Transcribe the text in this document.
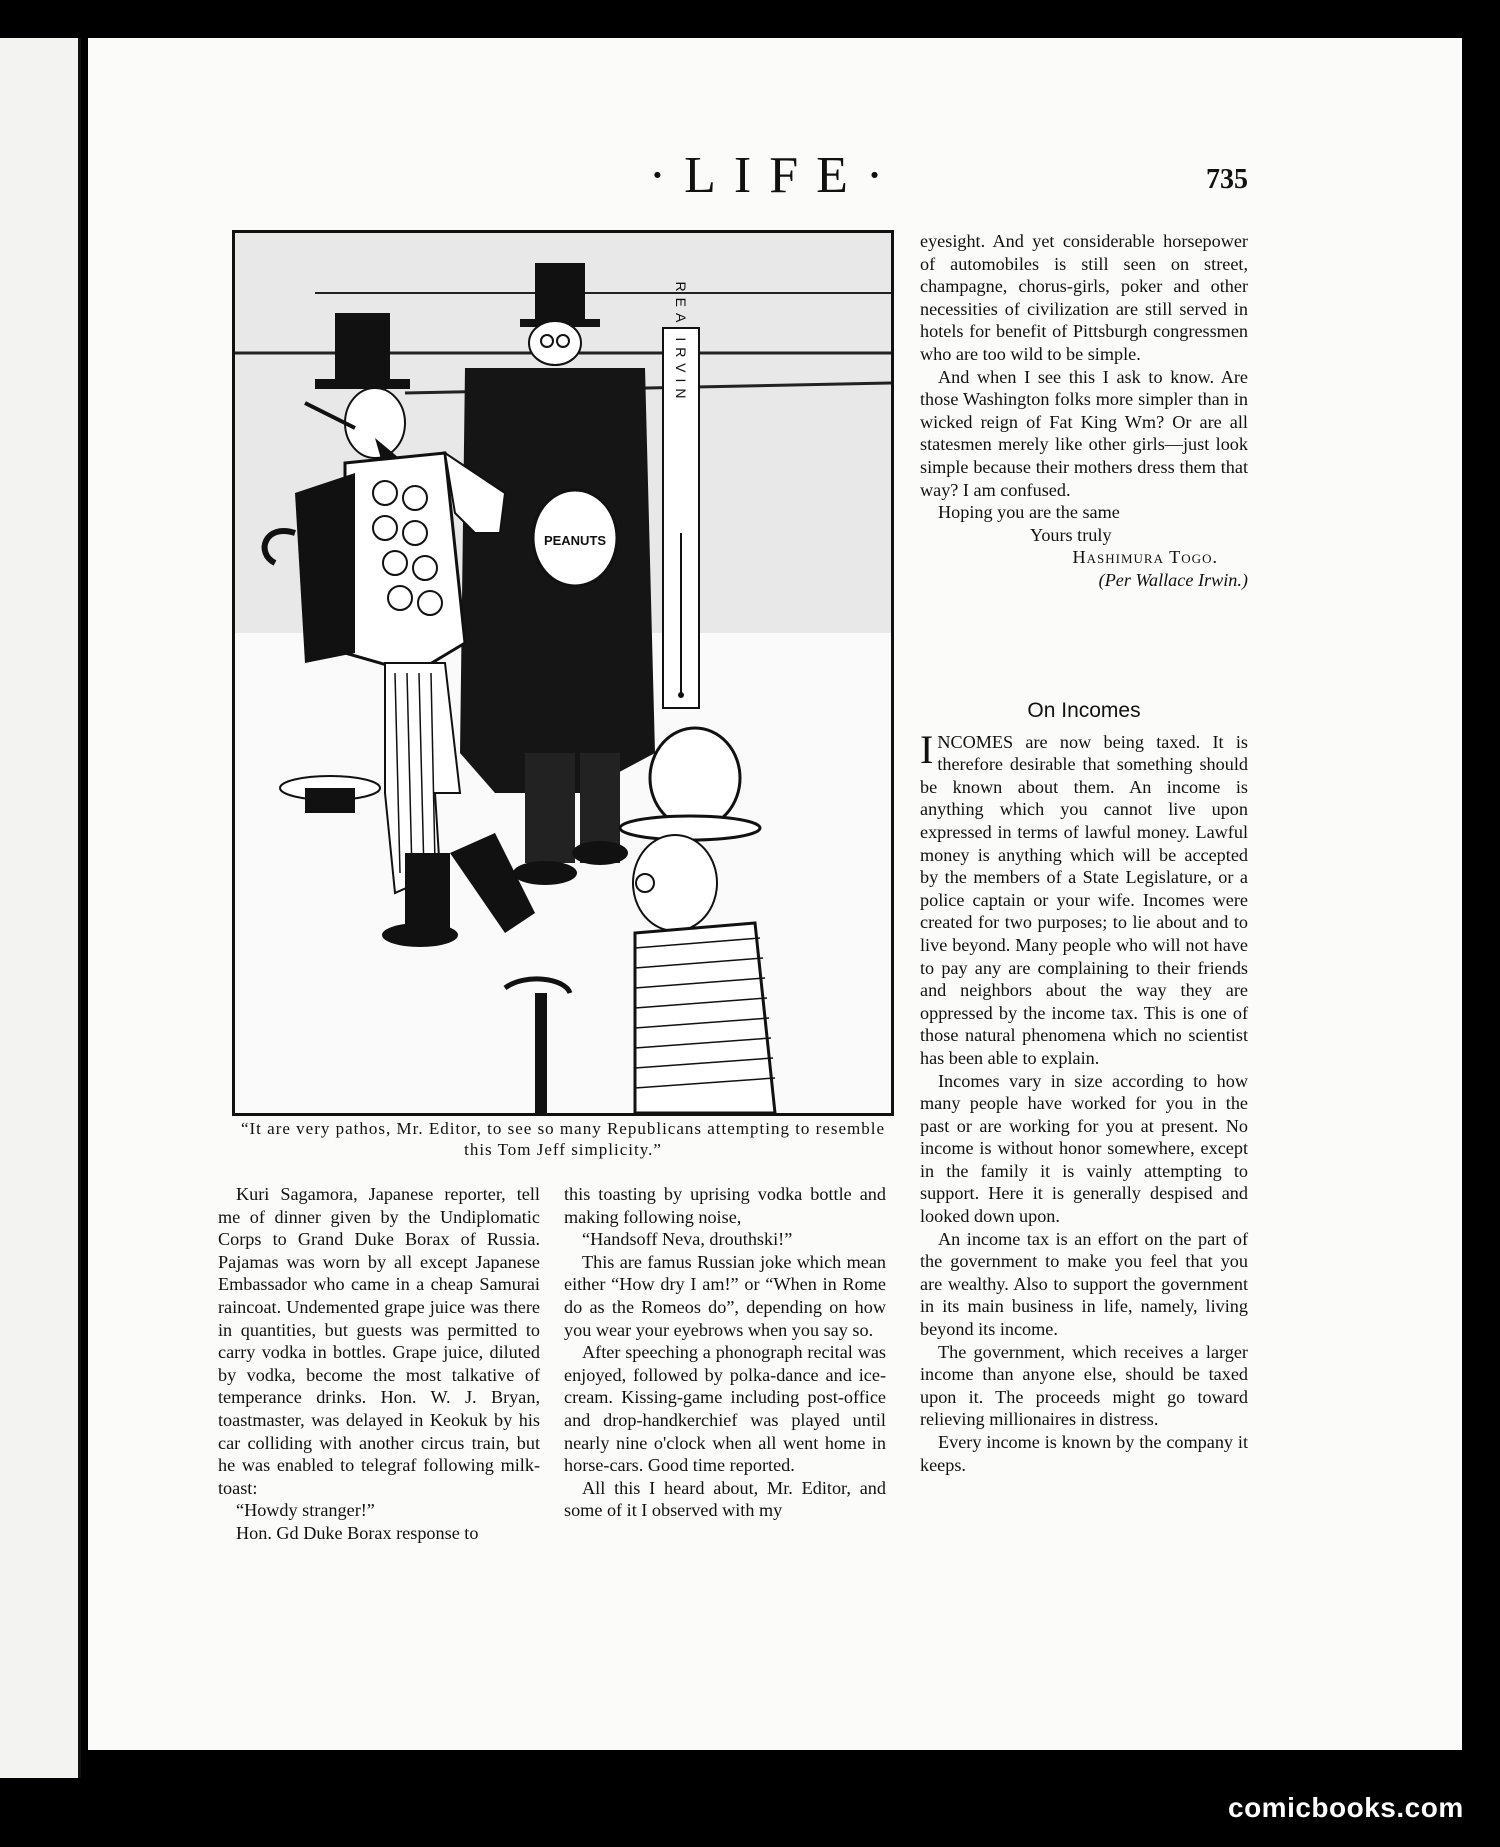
·LIFE·	735
REA IRVIN
PEANUTS
“It are very pathos, Mr. Editor, to see so many Republicans attempting to resemble this Tom Jeff simplicity.”

Kuri Sagamora, Japanese reporter, tell me of dinner given by the Undiplomatic Corps to Grand Duke Borax of Russia. Pajamas was worn by all except Japanese Embassador who came in a cheap Samurai raincoat. Undemented grape juice was there in quantities, but guests was permitted to carry vodka in bottles. Grape juice, diluted by vodka, become the most talkative of temperance drinks. Hon. W. J. Bryan, toastmaster, was delayed in Keokuk by his car colliding with another circus train, but he was enabled to telegraf following milk-toast:

“Howdy stranger!”

Hon. Gd Duke Borax response to

this toasting by uprising vodka bottle and making following noise,

“Handsoff Neva, drouthski!”

This are famus Russian joke which mean either “How dry I am!” or “When in Rome do as the Romeos do”, depending on how you wear your eyebrows when you say so.

After speeching a phonograph recital was enjoyed, followed by polka-dance and ice-cream. Kissing-game including post-office and drop-handkerchief was played until nearly nine o'clock when all went home in horse-cars. Good time reported.

All this I heard about, Mr. Editor, and some of it I observed with my

eyesight. And yet considerable horsepower of automobiles is still seen on street, champagne, chorus-girls, poker and other necessities of civilization are still served in hotels for benefit of Pittsburgh congressmen who are too wild to be simple.

And when I see this I ask to know. Are those Washington folks more simpler than in wicked reign of Fat King Wm? Or are all statesmen merely like other girls—just look simple because their mothers dress them that way? I am confused.

Hoping you are the same

Yours truly

Hashimura Togo.

(Per Wallace Irwin.)

On Incomes

INCOMES are now being taxed. It is therefore desirable that something should be known about them. An income is anything which you cannot live upon expressed in terms of lawful money. Lawful money is anything which will be accepted by the members of a State Legislature, or a police captain or your wife. Incomes were created for two purposes; to lie about and to live beyond. Many people who will not have to pay any are complaining to their friends and neighbors about the way they are oppressed by the income tax. This is one of those natural phenomena which no scientist has been able to explain.

Incomes vary in size according to how many people have worked for you in the past or are working for you at present. No income is without honor somewhere, except in the family it is vainly attempting to support. Here it is generally despised and looked down upon.

An income tax is an effort on the part of the government to make you feel that you are wealthy. Also to support the government in its main business in life, namely, living beyond its income.

The government, which receives a larger income than anyone else, should be taxed upon it. The proceeds might go toward relieving millionaires in distress.

Every income is known by the company it keeps.

comicbooks.com
